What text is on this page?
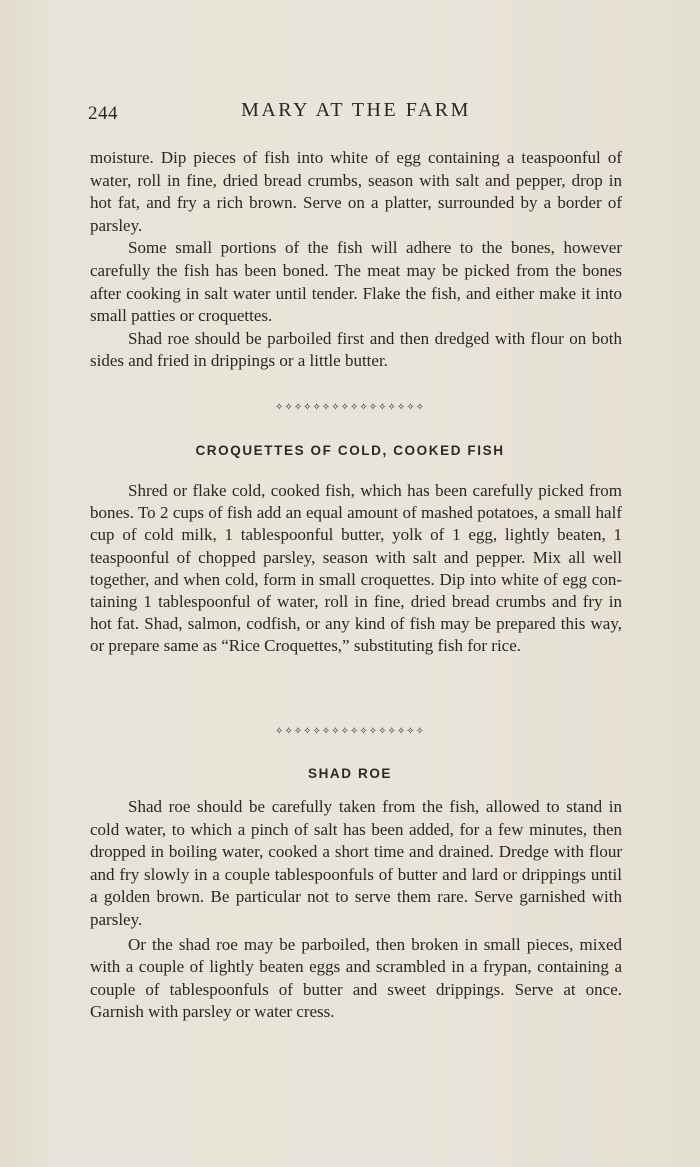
244	MARY AT THE FARM

moisture. Dip pieces of fish into white of egg containing a teaspoonful of water, roll in fine, dried bread crumbs, season with salt and pepper, drop in hot fat, and fry a rich brown. Serve on a platter, surrounded by a border of parsley.

Some small portions of the fish will adhere to the bones, however carefully the fish has been boned. The meat may be picked from the bones after cooking in salt water until tender. Flake the fish, and either make it into small patties or croquettes.

Shad roe should be parboiled first and then dredged with flour on both sides and fried in drippings or a little butter.

✧✧✧✧✧✧✧✧✧✧✧✧✧✧✧✧
CROQUETTES OF COLD, COOKED FISH

Shred or flake cold, cooked fish, which has been carefully picked from bones. To 2 cups of fish add an equal amount of mashed potatoes, a small half cup of cold milk, 1 tablespoonful butter, yolk of 1 egg, lightly beaten, 1 teaspoonful of chopped parsley, season with salt and pepper. Mix all well together, and when cold, form in small croquettes. Dip into white of egg containing 1 tablespoonful of water, roll in fine, dried bread crumbs and fry in hot fat. Shad, salmon, codfish, or any kind of fish may be prepared this way, or prepare same as “Rice Croquettes,” substituting fish for rice.

✧✧✧✧✧✧✧✧✧✧✧✧✧✧✧✧
SHAD ROE

Shad roe should be carefully taken from the fish, allowed to stand in cold water, to which a pinch of salt has been added, for a few minutes, then dropped in boiling water, cooked a short time and drained. Dredge with flour and fry slowly in a couple tablespoonfuls of butter and lard or drippings until a golden brown. Be particular not to serve them rare. Serve garnished with parsley.

Or the shad roe may be parboiled, then broken in small pieces, mixed with a couple of lightly beaten eggs and scrambled in a frypan, containing a couple of tablespoonfuls of butter and sweet drippings. Serve at once. Garnish with parsley or water cress.
